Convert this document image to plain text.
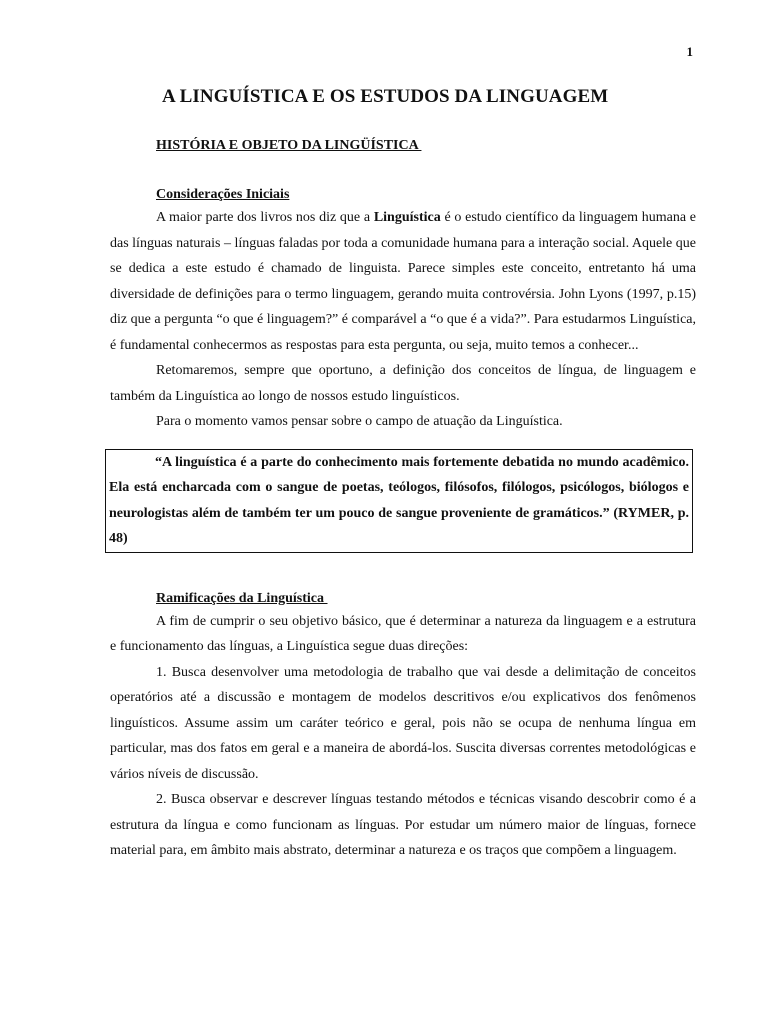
1
A LINGUÍSTICA E OS ESTUDOS DA LINGUAGEM
HISTÓRIA E OBJETO DA LINGÜÍSTICA
Considerações Iniciais

A maior parte dos livros nos diz que a Linguística é o estudo científico da linguagem humana e das línguas naturais – línguas faladas por toda a comunidade humana para a interação social. Aquele que se dedica a este estudo é chamado de linguista. Parece simples este conceito, entretanto há uma diversidade de definições para o termo linguagem, gerando muita controvérsia. John Lyons (1997, p.15) diz que a pergunta “o que é linguagem?” é comparável a “o que é a vida?”. Para estudarmos Linguística, é fundamental conhecermos as respostas para esta pergunta, ou seja, muito temos a conhecer...

Retomaremos, sempre que oportuno, a definição dos conceitos de língua, de linguagem e também da Linguística ao longo de nossos estudo linguísticos.

Para o momento vamos pensar sobre o campo de atuação da Linguística.

“A linguística é a parte do conhecimento mais fortemente debatida no mundo acadêmico. Ela está encharcada com o sangue de poetas, teólogos, filósofos, filólogos, psicólogos, biólogos e neurologistas além de também ter um pouco de sangue proveniente de gramáticos.” (RYMER, p. 48)

Ramificações da Linguística

A fim de cumprir o seu objetivo básico, que é determinar a natureza da linguagem e a estrutura e funcionamento das línguas, a Linguística segue duas direções:

1. Busca desenvolver uma metodologia de trabalho que vai desde a delimitação de conceitos operatórios até a discussão e montagem de modelos descritivos e/ou explicativos dos fenômenos linguísticos. Assume assim um caráter teórico e geral, pois não se ocupa de nenhuma língua em particular, mas dos fatos em geral e a maneira de abordá-los. Suscita diversas correntes metodológicas e vários níveis de discussão.

2. Busca observar e descrever línguas testando métodos e técnicas visando descobrir como é a estrutura da língua e como funcionam as línguas. Por estudar um número maior de línguas, fornece material para, em âmbito mais abstrato, determinar a natureza e os traços que compõem a linguagem.
